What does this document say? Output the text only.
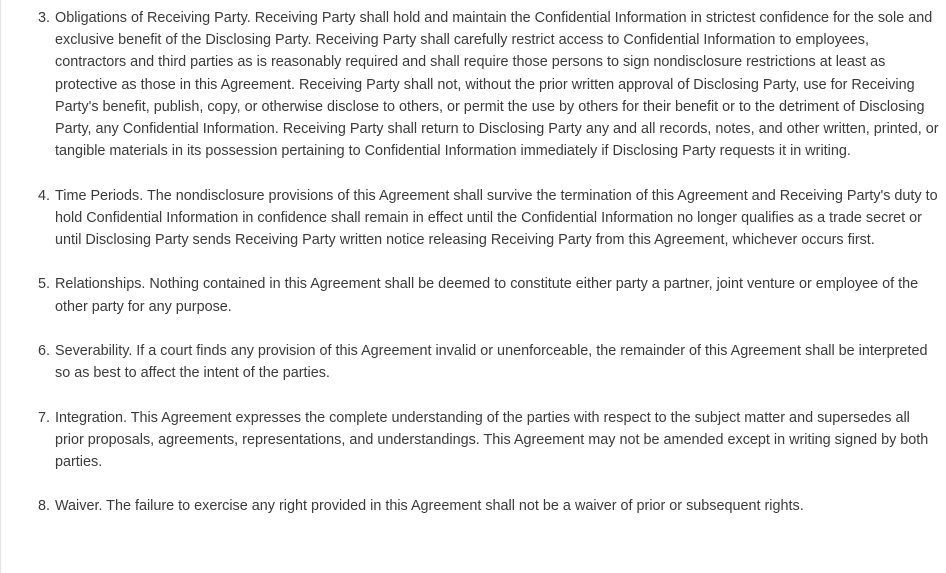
3. Obligations of Receiving Party. Receiving Party shall hold and maintain the Confidential Information in strictest confidence for the sole and exclusive benefit of the Disclosing Party. Receiving Party shall carefully restrict access to Confidential Information to employees, contractors and third parties as is reasonably required and shall require those persons to sign nondisclosure restrictions at least as protective as those in this Agreement. Receiving Party shall not, without the prior written approval of Disclosing Party, use for Receiving Party's benefit, publish, copy, or otherwise disclose to others, or permit the use by others for their benefit or to the detriment of Disclosing Party, any Confidential Information. Receiving Party shall return to Disclosing Party any and all records, notes, and other written, printed, or tangible materials in its possession pertaining to Confidential Information immediately if Disclosing Party requests it in writing.
4. Time Periods. The nondisclosure provisions of this Agreement shall survive the termination of this Agreement and Receiving Party's duty to hold Confidential Information in confidence shall remain in effect until the Confidential Information no longer qualifies as a trade secret or until Disclosing Party sends Receiving Party written notice releasing Receiving Party from this Agreement, whichever occurs first.
5. Relationships. Nothing contained in this Agreement shall be deemed to constitute either party a partner, joint venture or employee of the other party for any purpose.
6. Severability. If a court finds any provision of this Agreement invalid or unenforceable, the remainder of this Agreement shall be interpreted so as best to affect the intent of the parties.
7. Integration. This Agreement expresses the complete understanding of the parties with respect to the subject matter and supersedes all prior proposals, agreements, representations, and understandings. This Agreement may not be amended except in writing signed by both parties.
8. Waiver. The failure to exercise any right provided in this Agreement shall not be a waiver of prior or subsequent rights.
